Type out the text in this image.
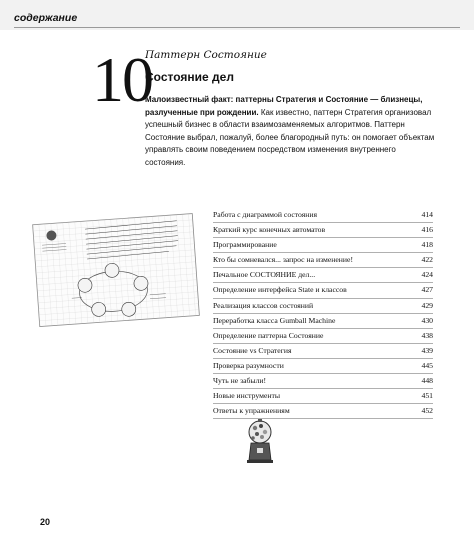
содержание
10
Паттерн Состояние
Состояние дел
Малоизвестный факт: паттерны Стратегия и Состояние — близнецы, разлученные при рождении. Как известно, паттерн Стратегия организовал успешный бизнес в области взаимозаменяемых алгоритмов. Паттерн Состояние выбрал, пожалуй, более благородный путь: он помогает объектам управлять своим поведением посредством изменения внутреннего состояния.
Работа с диаграммой состояния	414
Краткий курс конечных автоматов	416
Программирование	418
Кто бы сомневался... запрос на изменение!	422
Печальное СОСТОЯНИЕ дел...	424
Определение интерфейса State и классов	427
Реализация классов состояний	429
Переработка класса Gumball Machine	430
Определение паттерна Состояние	438
Состояние vs Стратегия	439
Проверка разумности	445
Чуть не забыли!	448
Новые инструменты	451
Ответы к упражнениям	452
20
